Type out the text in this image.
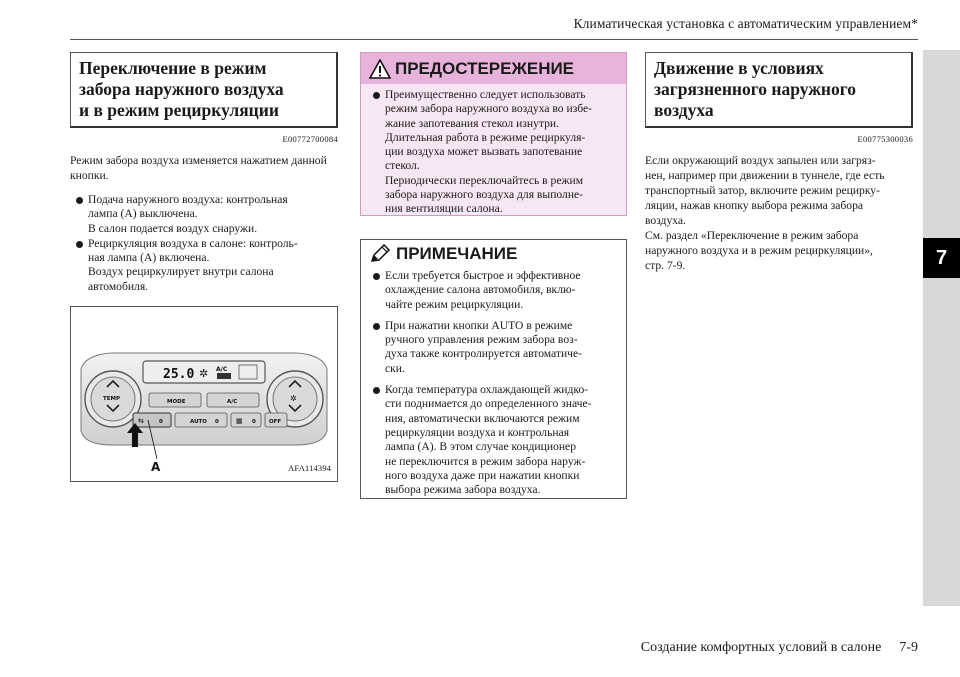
Климатическая установка с автоматическим управлением*
7
Переключение в режим
забора наружного воздуха
и в режим рециркуляции
E00772700084

Режим забора воздуха изменяется нажатием данной кнопки.

Подача наружного воздуха: контрольная
лампа (A) выключена.
В салон подается воздух снаружи.
Рециркуляция воздуха в салоне: контроль-
ная лампа (A) включена.
Воздух рециркулирует внутри салона
автомобиля.
25.0 ✲ A/C
TEMP	✲
MODE	A/C
⇆	0	AUTO 0 ▦ 0 OFF
A	AFA114394
ПРЕДОСТЕРЕЖЕНИЕ
Преимущественно следует использовать
режим забора наружного воздуха во избе-
жание запотевания стекол изнутри.
Длительная работа в режиме рециркуля-
ции воздуха может вызвать запотевание
стекол.
Периодически переключайтесь в режим
забора наружного воздуха для выполне-
ния вентиляции салона.
ПРИМЕЧАНИЕ
Если требуется быстрое и эффективное
охлаждение салона автомобиля, вклю-
чайте режим рециркуляции.
При нажатии кнопки AUTO в режиме
ручного управления режим забора воз-
духа также контролируется автоматиче-
ски.
Когда температура охлаждающей жидко-
сти поднимается до определенного значе-
ния, автоматически включаются режим
рециркуляции воздуха и контрольная
лампа (A). В этом случае кондиционер
не переключится в режим забора наруж-
ного воздуха даже при нажатии кнопки
выбора режима забора воздуха.
Движение в условиях
загрязненного наружного
воздуха
E00775300036
Если окружающий воздух запылен или загряз-
нен, например при движении в туннеле, где есть
транспортный затор, включите режим рецирку-
ляции, нажав кнопку выбора режима забора
воздуха.
См. раздел «Переключение в режим забора
наружного воздуха и в режим рециркуляции»,
стр. 7-9.
Создание комфортных условий в салоне 7-9
